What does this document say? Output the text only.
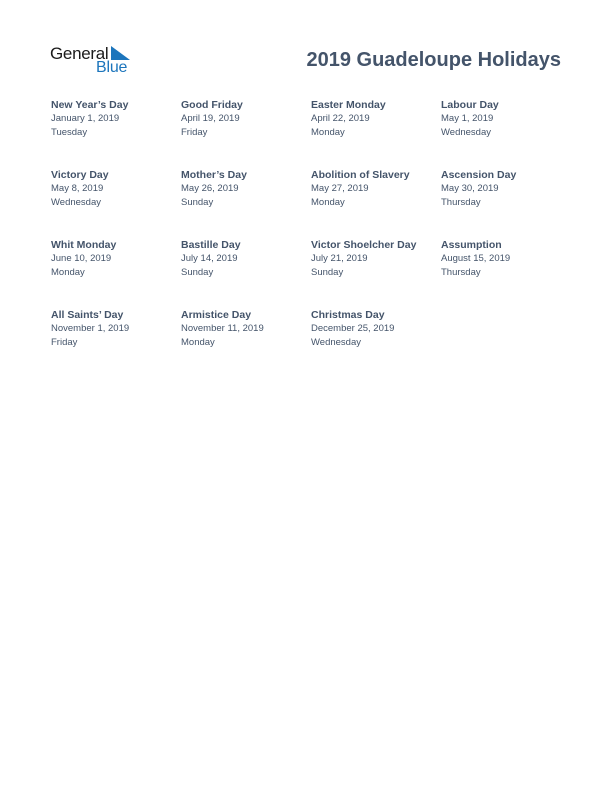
General
Blue	2019 Guadeloupe Holidays
New Year’s Day
January 1, 2019
Tuesday
Good Friday
April 19, 2019
Friday
Easter Monday
April 22, 2019
Monday
Labour Day
May 1, 2019
Wednesday
Victory Day
May 8, 2019
Wednesday
Mother’s Day
May 26, 2019
Sunday
Abolition of Slavery
May 27, 2019
Monday
Ascension Day
May 30, 2019
Thursday
Whit Monday
June 10, 2019
Monday
Bastille Day
July 14, 2019
Sunday
Victor Shoelcher Day
July 21, 2019
Sunday
Assumption
August 15, 2019
Thursday
All Saints’ Day
November 1, 2019
Friday
Armistice Day
November 11, 2019
Monday
Christmas Day
December 25, 2019
Wednesday
